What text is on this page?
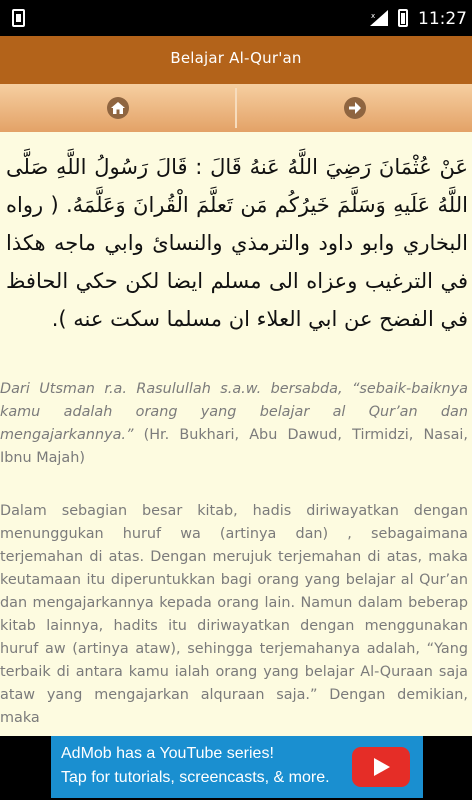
x	11:27
Belajar Al-Qur'an
عَنْ عُثْمَانَ رَضِيَ اللَّهُ عَنهُ قَالَ : قَالَ رَسُولُ اللَّهِ صَلَّى اللَّهُ عَلَيهِ وَسَلَّمَ خَيرُكُم مَن تَعلَّمَ الْقُرانَ وَعَلَّمَهُ. ( رواه البخاري وابو داود والترمذي والنسائ وابي ماجه هكذا في الترغيب وعزاه الى مسلم ايضا لكن حكي الحافظ في الفضح عن ابي العلاء ان مسلما سكت عنه ).
Dari Utsman r.a. Rasulullah s.a.w. bersabda, “sebaik-baiknya kamu adalah orang yang belajar al Qur’an dan mengajarkannya.” (Hr. Bukhari, Abu Dawud, Tirmidzi, Nasai, Ibnu Majah)
Dalam sebagian besar kitab, hadis diriwayatkan dengan menunggukan huruf wa (artinya dan) , sebagaimana terjemahan di atas. Dengan merujuk terjemahan di atas, maka keutamaan itu diperuntukkan bagi orang yang belajar al Qur’an dan mengajarkannya kepada orang lain. Namun dalam beberap kitab lainnya, hadits itu diriwayatkan dengan menggunakan huruf aw (artinya ataw), sehingga terjemahanya adalah, “Yang terbaik di antara kamu ialah orang yang belajar Al-Quraan saja ataw yang mengajarkan alquraan saja.” Dengan demikian, maka
AdMob has a YouTube series!
Tap for tutorials, screencasts, & more.
